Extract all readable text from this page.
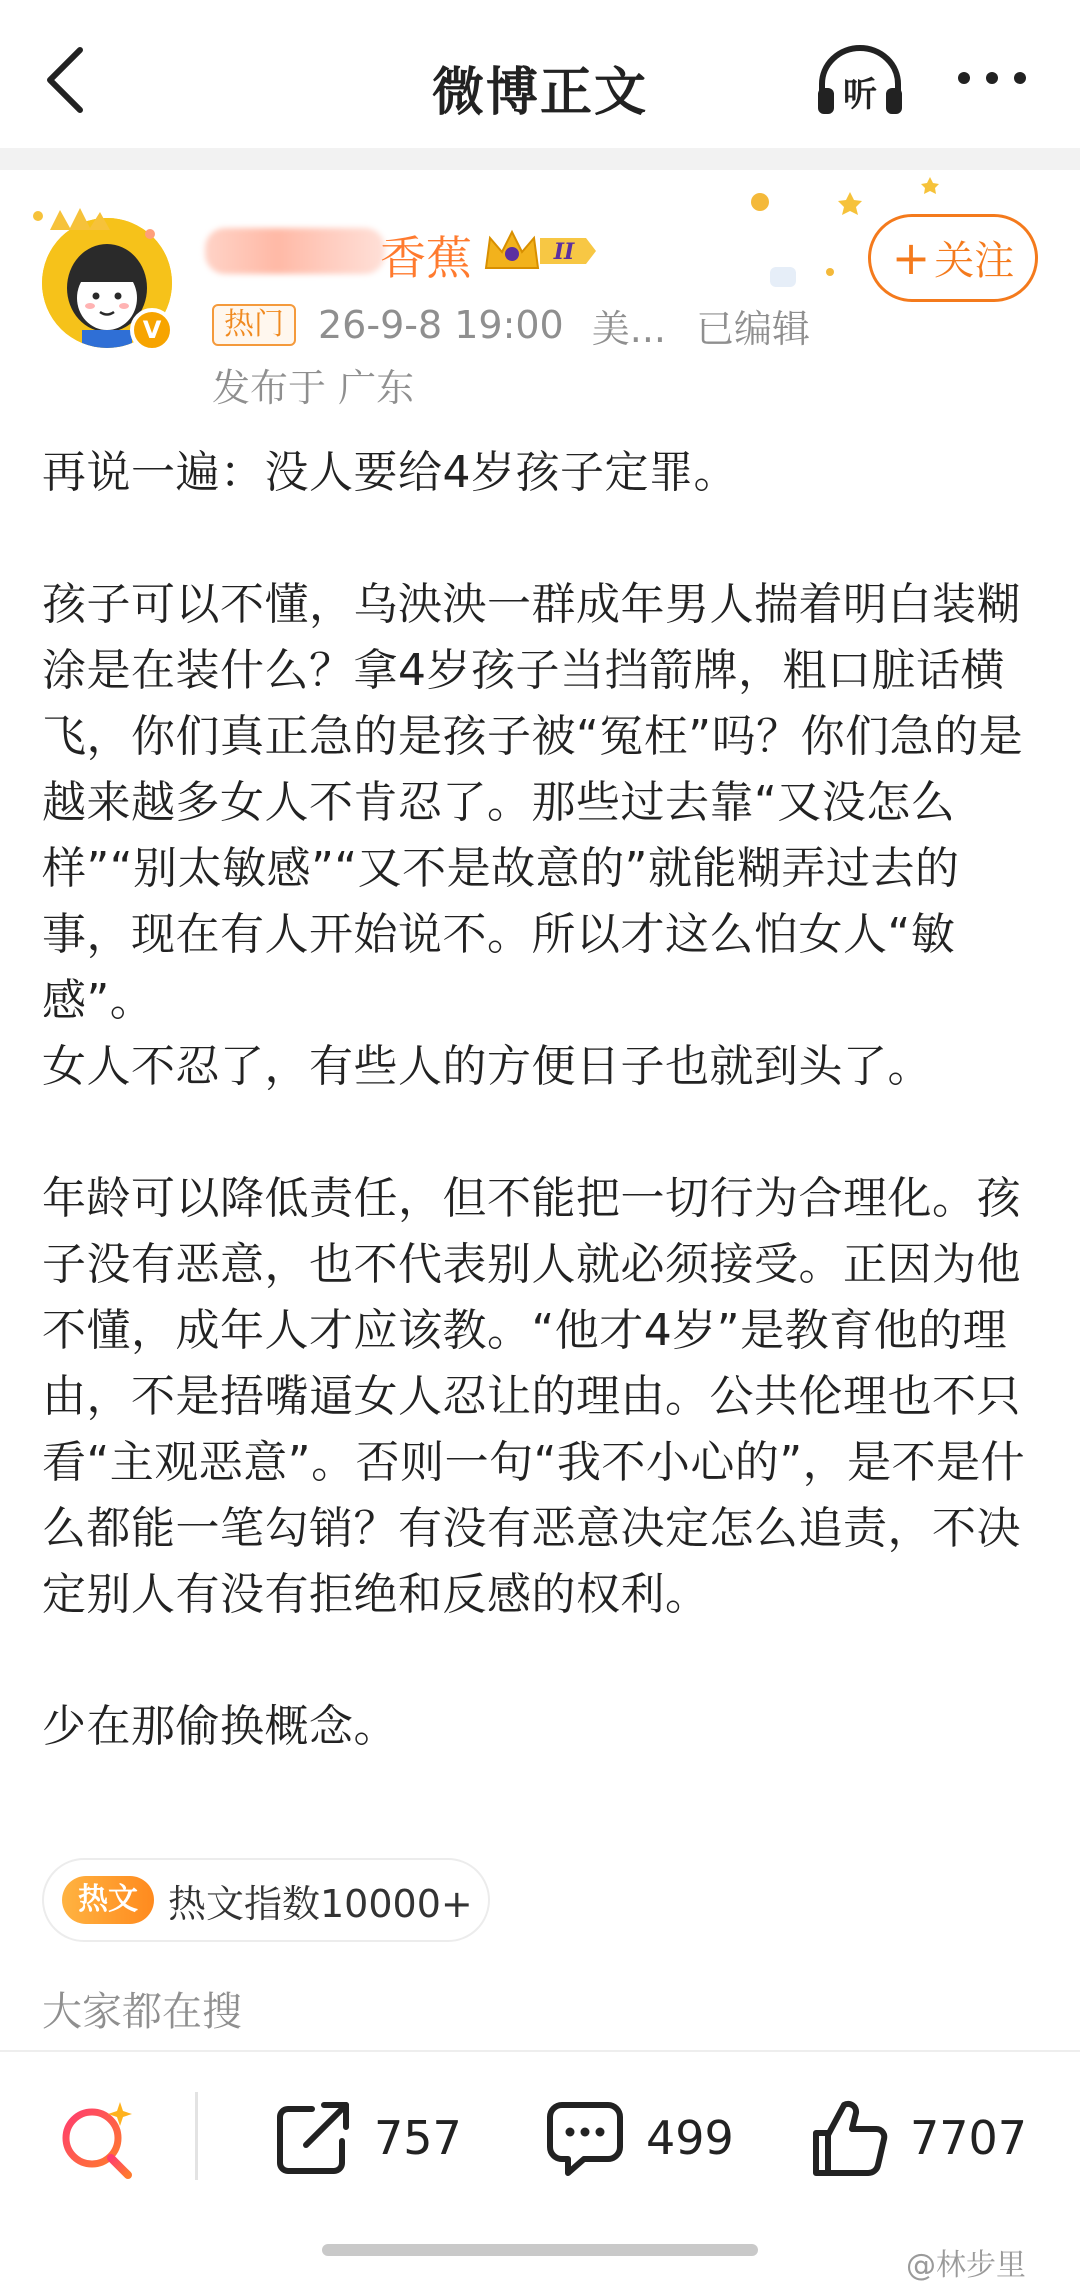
微博正文	听
V
香蕉	II	+ 关注
热门 26-9-8 19:00 美... 已编辑
发布于 广东

再说一遍：没人要给4岁孩子定罪。

孩子可以不懂，乌泱泱一群成年男人揣着明白装糊涂是在装什么？拿4岁孩子当挡箭牌，粗口脏话横飞，你们真正急的是孩子被“冤枉”吗？你们急的是越来越多女人不肯忍了。那些过去靠“又没怎么样”“别太敏感”“又不是故意的”就能糊弄过去的事，现在有人开始说不。所以才这么怕女人“敏感”。

女人不忍了，有些人的方便日子也就到头了。

年龄可以降低责任，但不能把一切行为合理化。孩子没有恶意，也不代表别人就必须接受。正因为他不懂，成年人才应该教。“他才4岁”是教育他的理由，不是捂嘴逼女人忍让的理由。公共伦理也不只看“主观恶意”。否则一句“我不小心的”，是不是什么都能一笔勾销？有没有恶意决定怎么追责，不决定别人有没有拒绝和反感的权利。

少在那偷换概念。

热文 热文指数10000+
大家都在搜
757	499	7707
@林步里
